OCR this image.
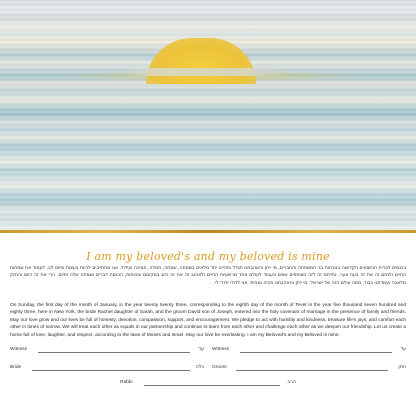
I am my beloved's and my beloved is mine
בכנסים לברית הנישואים הקדושה בנוכחות בני המשפחה והחברים, מי ייתן והאהבתנו תגדל ותהיינו יחד מלאים בשמחה, שמחה, חמלה, תמיכה ועידוד. אנו מתחייבים להיות בעצות ופיוס לב, לעמוד את שמחות החיים ולנחם זה את זה בעת צער. נתייחס זה לזה כשותפים שווים ונעבוד לעולם אחד מרשעיות החיים ולאהוב זה את זה כזוג במקומם ובכוחות, הכנסת דברים ושמחה שלה ופיוס. הרי את זה היום והחזק מלאכה ועמדתנו כבוד, ממה עולם הזה של ישראל. מי ייתן והאהבתנו תהיה נצחית. אני לדודי ודודי לי.
On Sunday, the first day of the month of January, in the year twenty twenty three, corresponding to the eighth day of the month of Tevet in the year five thousand seven hundred and eighty three, here in New York, the bride Rachel daughter of Sarah, and the groom David son of Joseph, entered into the holy covenant of marriage in the presence of family and friends. May our love grow and our lives be full of honesty, devotion, compassion, support, and encouragement. We pledge to act with humility and kindness, treasure life's joys, and comfort each other in times of sorrow. We will treat each other as equals in our partnership and continue to learn from each other and challenge each other as we deepen our friendship. Let us create a home full of love, laughter, and respect, according to the laws of Moses and Israel. May our love be everlasting. I am my Beloved's and my Beloved is mine.
Witness	עד Witness	עד
Bride	כלה Groom	חתן
Rabbi	הרב
